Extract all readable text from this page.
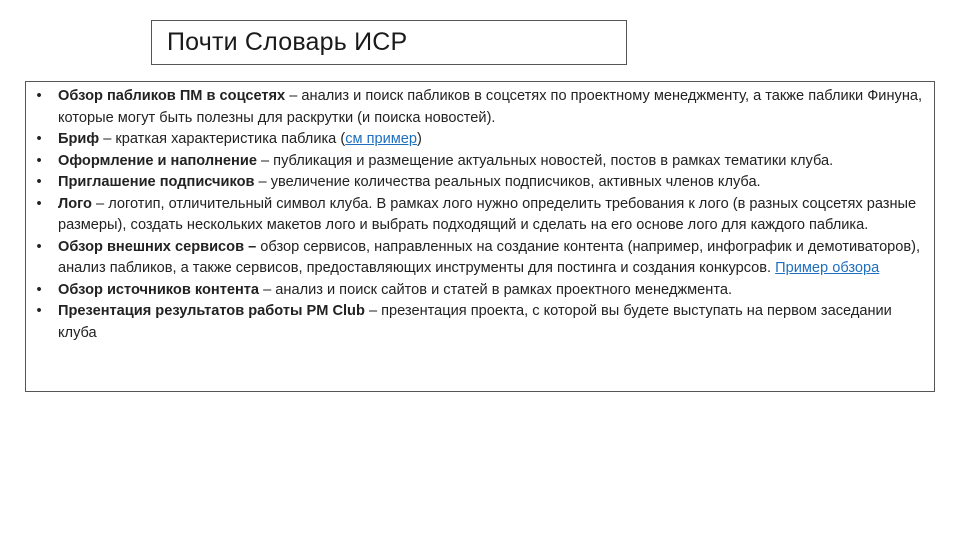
Почти Словарь ИСР
• Обзор пабликов ПМ в соцсетях – анализ и поиск пабликов в соцсетях по проектному менеджменту, а также паблики Финуна, которые могут быть полезны для раскрутки (и поиска новостей).
• Бриф – краткая характеристика паблика (см пример)
• Оформление и наполнение – публикация и размещение актуальных новостей, постов в рамках тематики клуба.
• Приглашение подписчиков – увеличение количества реальных подписчиков, активных членов клуба.
• Лого – логотип, отличительный символ клуба. В рамках лого нужно определить требования к лого (в разных соцсетях разные размеры), создать нескольких макетов лого и выбрать подходящий и сделать на его основе лого для каждого паблика.
• Обзор внешних сервисов – обзор сервисов, направленных на создание контента (например, инфографик и демотиваторов), анализ пабликов, а также сервисов, предоставляющих инструменты для постинга и создания конкурсов. Пример обзора
• Обзор источников контента – анализ и поиск сайтов и статей в рамках проектного менеджмента.
• Презентация результатов работы PM Club – презентация проекта, с которой вы будете выступать на первом заседании клуба
